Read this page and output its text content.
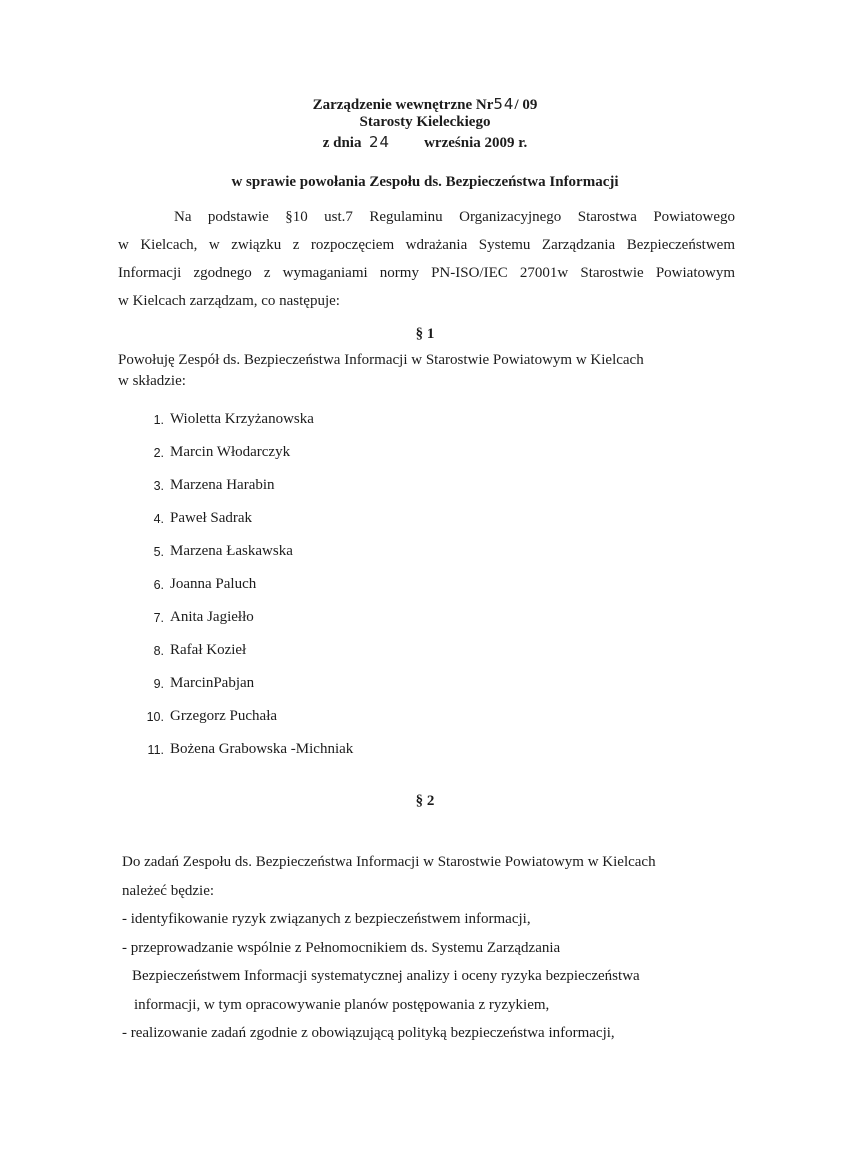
Zarządzenie wewnętrzne Nr54/ 09
Starosty Kieleckiego
z dnia 24 września 2009 r.
w sprawie powołania Zespołu ds. Bezpieczeństwa Informacji
Na podstawie §10 ust.7 Regulaminu Organizacyjnego Starostwa Powiatowego
w Kielcach, w związku z rozpoczęciem wdrażania Systemu Zarządzania Bezpieczeństwem
Informacji zgodnego z wymaganiami normy PN-ISO/IEC 27001w Starostwie Powiatowym
w Kielcach zarządzam, co następuje:
§ 1
Powołuję Zespół ds. Bezpieczeństwa Informacji w Starostwie Powiatowym w Kielcach
w składzie:
1. Wioletta Krzyżanowska
2. Marcin Włodarczyk
3. Marzena Harabin
4. Paweł Sadrak
5. Marzena Łaskawska
6. Joanna Paluch
7. Anita Jagiełło
8. Rafał Kozieł
9. MarcinPabjan
10. Grzegorz Puchała
11. Bożena Grabowska -Michniak
§ 2
Do zadań Zespołu ds. Bezpieczeństwa Informacji w Starostwie Powiatowym w Kielcach
należeć będzie:
- identyfikowanie ryzyk związanych z bezpieczeństwem informacji,
- przeprowadzanie wspólnie z Pełnomocnikiem ds. Systemu Zarządzania
Bezpieczeństwem Informacji systematycznej analizy i oceny ryzyka bezpieczeństwa
informacji, w tym opracowywanie planów postępowania z ryzykiem,
- realizowanie zadań zgodnie z obowiązującą polityką bezpieczeństwa informacji,
